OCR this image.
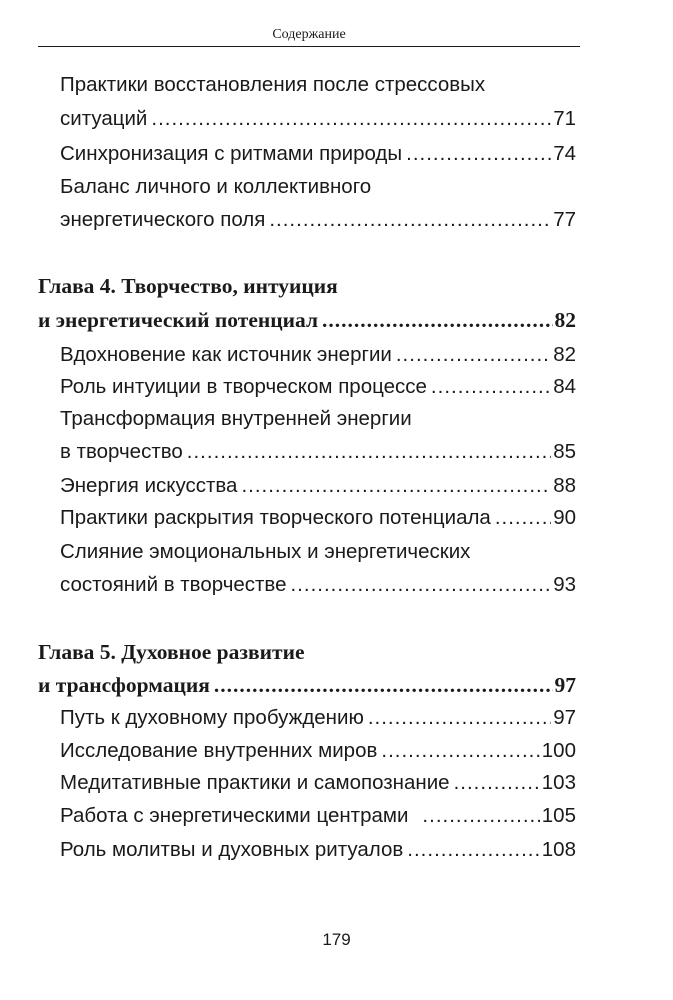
Содержание
Практики восстановления после стрессовых
ситуаций .....	71
Синхронизация с ритмами природы .....	74
Баланс личного и коллективного
энергетического поля .....	77
Глава 4. Творчество, интуиция
и энергетический потенциал .....	82
Вдохновение как источник энергии .....	82
Роль интуиции в творческом процессе .....	84
Трансформация внутренней энергии
в творчество .....	85
Энергия искусства .....	88
Практики раскрытия творческого потенциала .....	90
Слияние эмоциональных и энергетических
состояний в творчестве .....	93
Глава 5. Духовное развитие
и трансформация .....	97
Путь к духовному пробуждению .....	97
Исследование внутренних миров .....	100
Медитативные практики и самопознание .....	103
Работа с энергетическими центрами .....	105
Роль молитвы и духовных ритуалов .....	108
179
